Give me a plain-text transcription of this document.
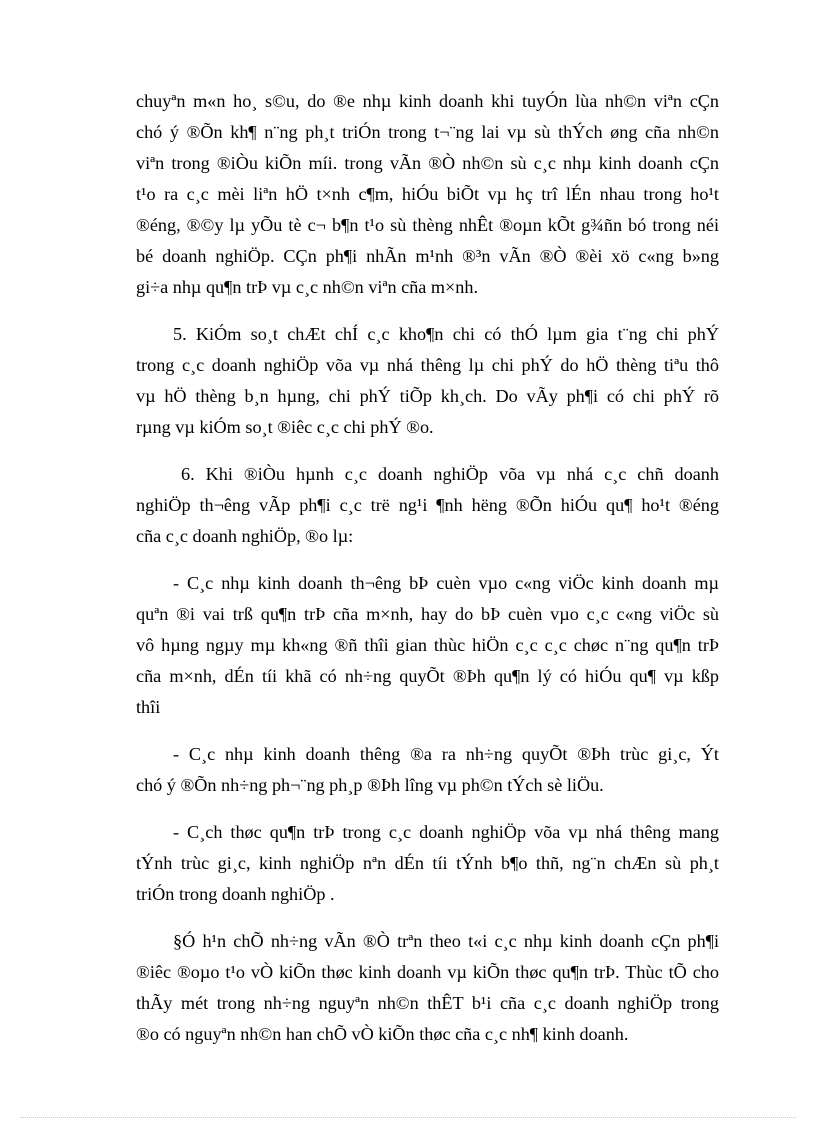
chuyªn m«n ho¸ s©u, do ®e nhµ kinh doanh khi tuyÓn lùa nh©n viªn cÇn
chó ý ®Õn kh¶ n¨ng ph¸t triÓn trong t¬¨ng lai vµ sù thÝch øng cña nh©n
viªn trong ®iÒu kiÕn míi. trong vÃn ®Ò nh©n sù c¸c nhµ kinh doanh cÇn
t¹o ra c¸c mèi liªn hÖ t×nh c¶m, hiÓu biÕt vµ hç trî lÉn nhau trong ho¹t
®éng, ®©y lµ yÕu tè c¬ b¶n t¹o sù thèng nhÊt ®oµn kÕt g¾ñn bó trong néi
bé doanh nghiÖp. CÇn ph¶i nhÃn m¹nh ®³n vÃn ®Ò ®èi xö c«ng b»ng
gi÷a nhµ qu¶n trÞ vµ c¸c nh©n viªn cña m×nh.
5. KiÓm so¸t chÆt chÍ c¸c kho¶n chi có thÓ lµm gia t¨ng chi phÝ
trong c¸c doanh nghiÖp võa vµ nhá thêng lµ chi phÝ do hÖ thèng tiªu thô
vµ hÖ thèng b¸n hµng, chi phÝ tiÕp kh¸ch. Do vÃy ph¶i có chi phÝ rõ
rµng vµ kiÓm so¸t ®iêc c¸c chi phÝ ®o.
6. Khi ®iÒu hµnh c¸c doanh nghiÖp võa vµ nhá c¸c chñ doanh
nghiÖp th¬êng vÃp ph¶i c¸c trë ng¹i ¶nh hëng ®Õn hiÓu qu¶ ho¹t ®éng
cña c¸c doanh nghiÖp, ®o lµ:
- C¸c nhµ kinh doanh th¬êng bÞ cuèn vµo c«ng viÖc kinh doanh mµ
quªn ®i vai trß qu¶n trÞ cña m×nh, hay do bÞ cuèn vµo c¸c c«ng viÖc sù
vô hµng ngµy mµ kh«ng ®ñ thîi gian thùc hiÖn c¸c c¸c chøc n¨ng qu¶n trÞ
cña m×nh, dÉn tíi khã có nh÷ng quyÕt ®Þh qu¶n lý có hiÓu qu¶ vµ kßp
thîi
- C¸c nhµ kinh doanh thêng ®a ra nh÷ng quyÕt ®Þh trùc gi¸c, Ýt
chó ý ®Õn nh÷ng ph¬¨ng ph¸p ®Þh lîng vµ ph©n tÝch sè liÖu.
- C¸ch thøc qu¶n trÞ trong c¸c doanh nghiÖp võa vµ nhá thêng mang
tÝnh trùc gi¸c, kinh nghiÖp nªn dÉn tíi tÝnh b¶o thñ, ng¨n chÆn sù ph¸t
triÓn trong doanh nghiÖp .
§Ó h¹n chÕ nh÷ng vÃn ®Ò trªn theo t«i c¸c nhµ kinh doanh cÇn ph¶i
®iêc ®oµo t¹o vÒ kiÕn thøc kinh doanh vµ kiÕn thøc qu¶n trÞ. Thùc tÕ cho
thÃy mét trong nh÷ng nguyªn nh©n thÊT b¹i cña c¸c doanh nghiÖp trong
®o có nguyªn nh©n han chÕ vÒ kiÕn thøc cña c¸c nh¶ kinh doanh.
